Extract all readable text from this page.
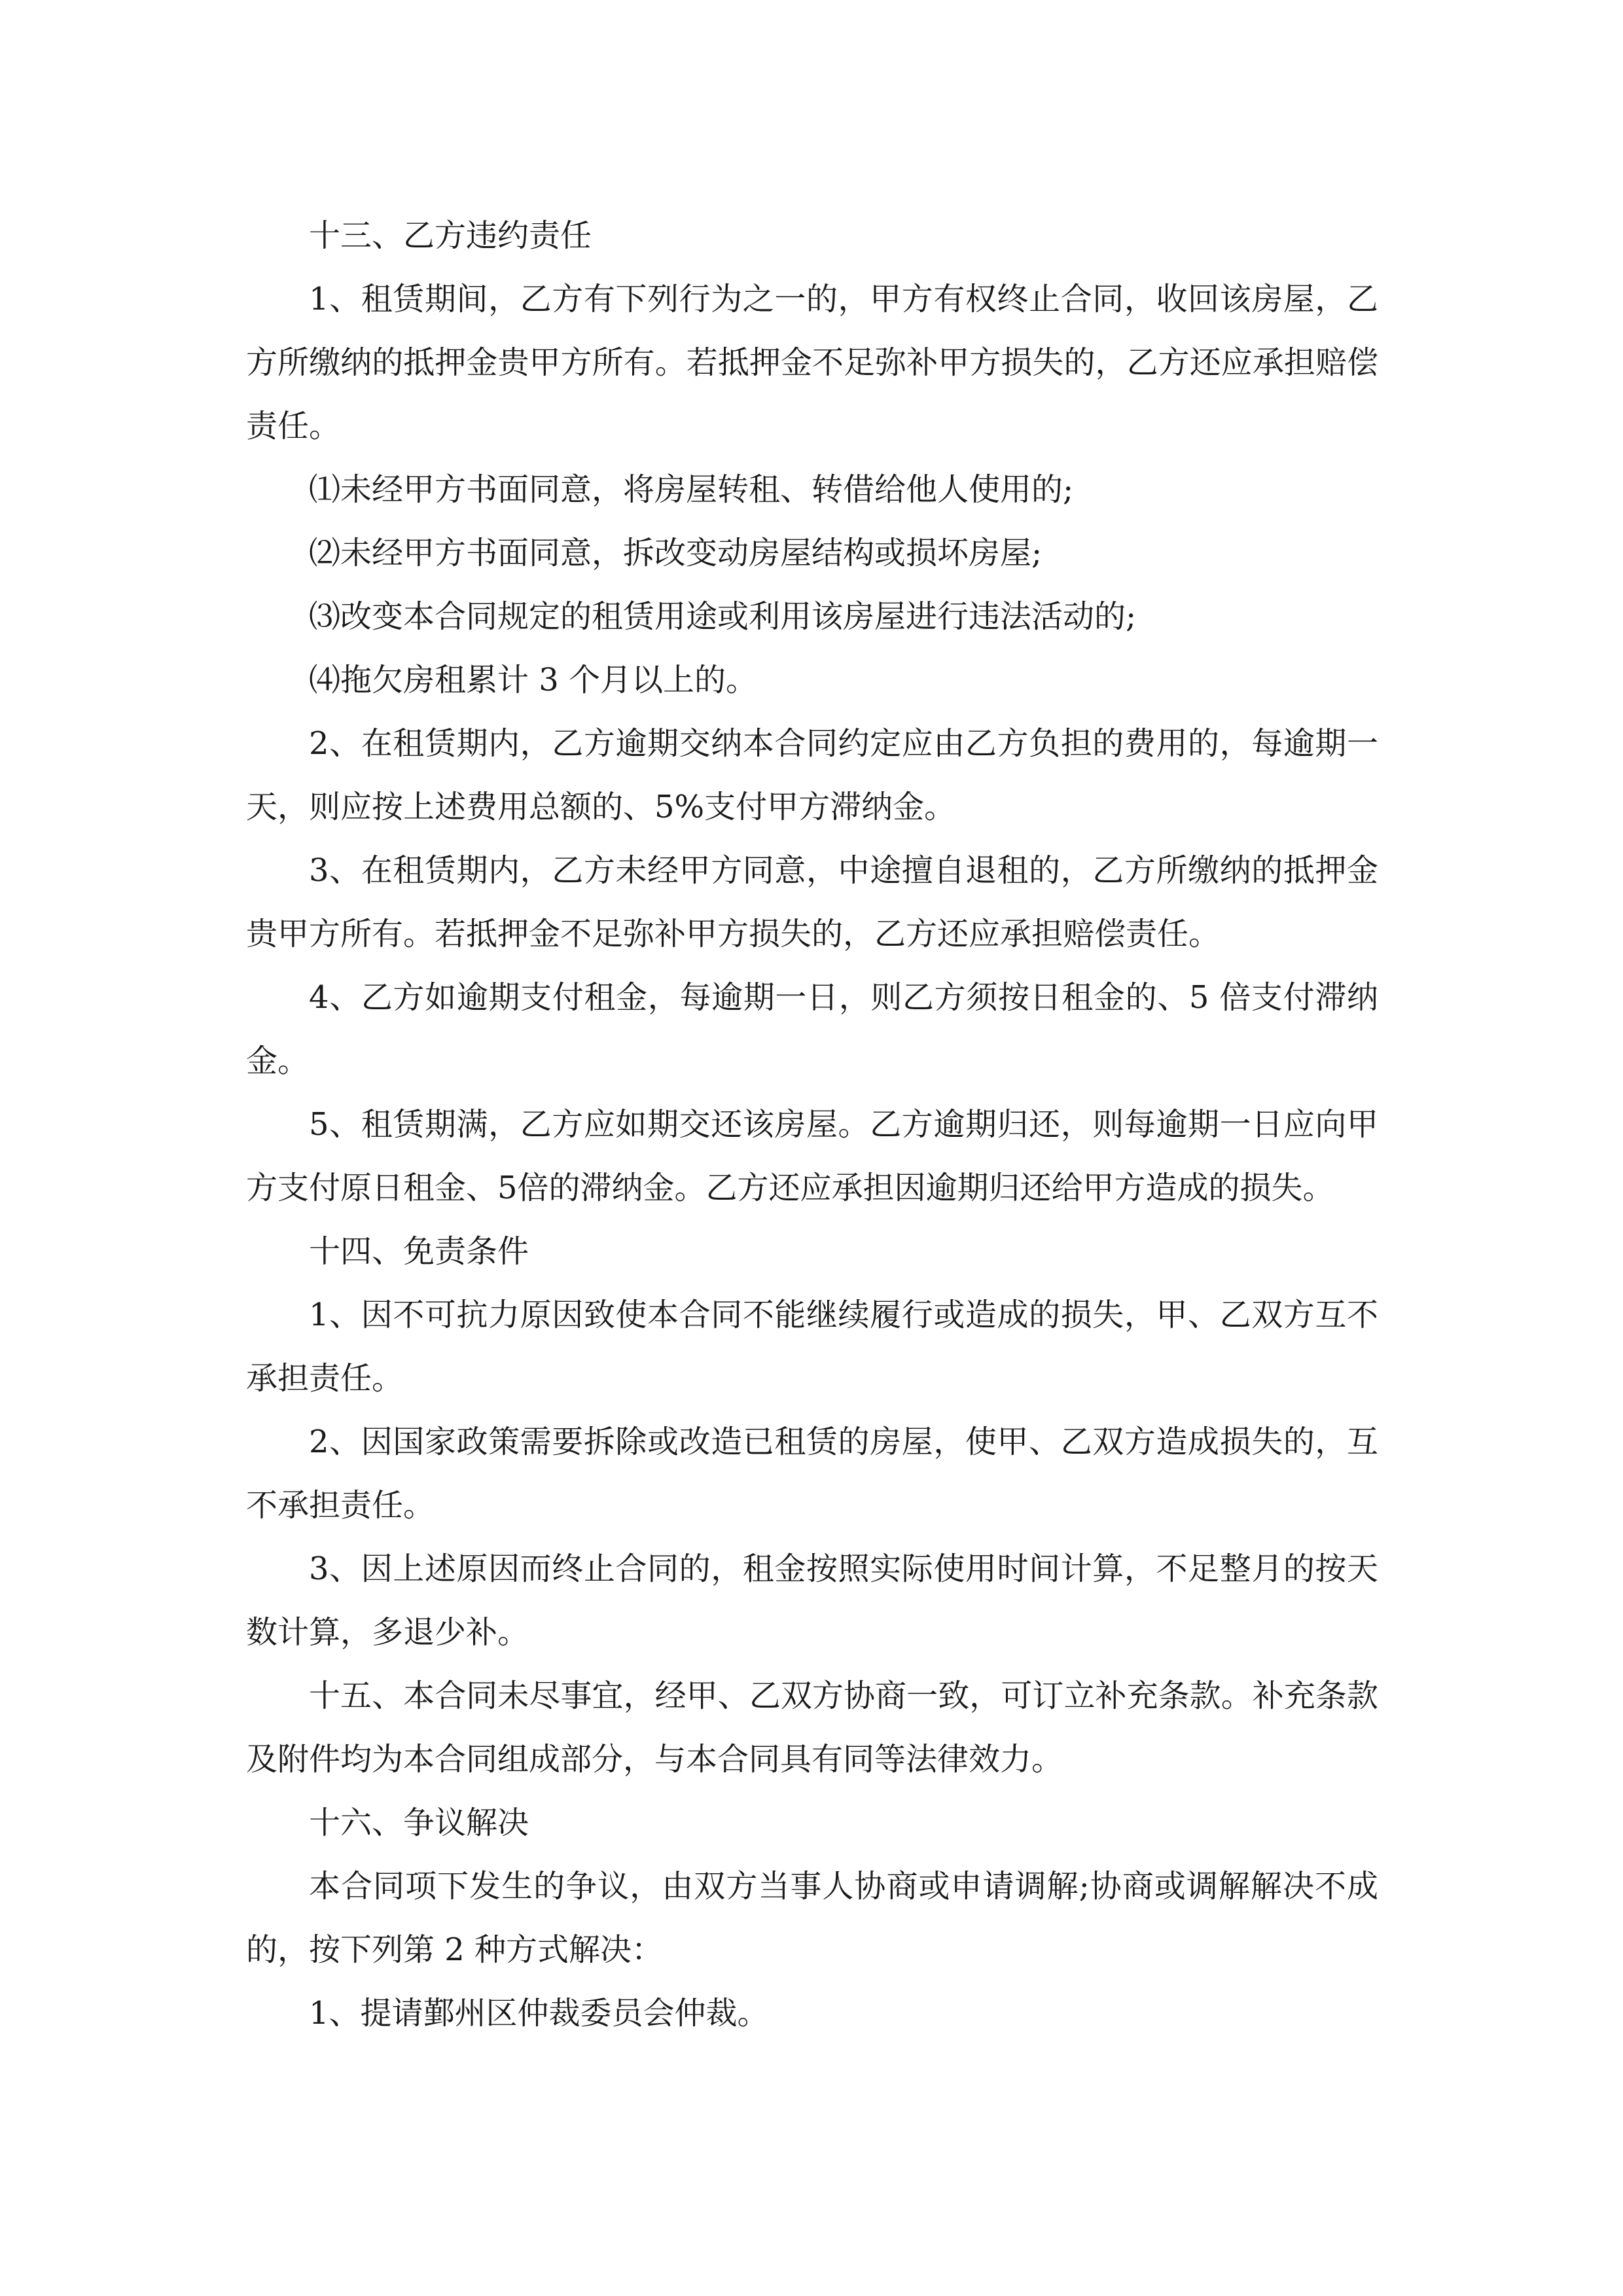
十三、乙方违约责任

1、租赁期间，乙方有下列行为之一的，甲方有权终止合同，收回该房屋，乙方所缴纳的抵押金贵甲方所有。若抵押金不足弥补甲方损失的，乙方还应承担赔偿责任。

⑴未经甲方书面同意，将房屋转租、转借给他人使用的;

⑵未经甲方书面同意，拆改变动房屋结构或损坏房屋;

⑶改变本合同规定的租赁用途或利用该房屋进行违法活动的;

⑷拖欠房租累计 3 个月以上的。

2、在租赁期内，乙方逾期交纳本合同约定应由乙方负担的费用的，每逾期一天，则应按上述费用总额的、5%支付甲方滞纳金。

3、在租赁期内，乙方未经甲方同意，中途擅自退租的，乙方所缴纳的抵押金贵甲方所有。若抵押金不足弥补甲方损失的，乙方还应承担赔偿责任。

4、乙方如逾期支付租金，每逾期一日，则乙方须按日租金的、5 倍支付滞纳金。

5、租赁期满，乙方应如期交还该房屋。乙方逾期归还，则每逾期一日应向甲方支付原日租金、5倍的滞纳金。乙方还应承担因逾期归还给甲方造成的损失。

十四、免责条件

1、因不可抗力原因致使本合同不能继续履行或造成的损失，甲、乙双方互不承担责任。

2、因国家政策需要拆除或改造已租赁的房屋，使甲、乙双方造成损失的，互不承担责任。

3、因上述原因而终止合同的，租金按照实际使用时间计算，不足整月的按天数计算，多退少补。

十五、本合同未尽事宜，经甲、乙双方协商一致，可订立补充条款。补充条款及附件均为本合同组成部分，与本合同具有同等法律效力。

十六、争议解决

本合同项下发生的争议，由双方当事人协商或申请调解;协商或调解解决不成的，按下列第 2 种方式解决：

1、提请鄞州区仲裁委员会仲裁。
